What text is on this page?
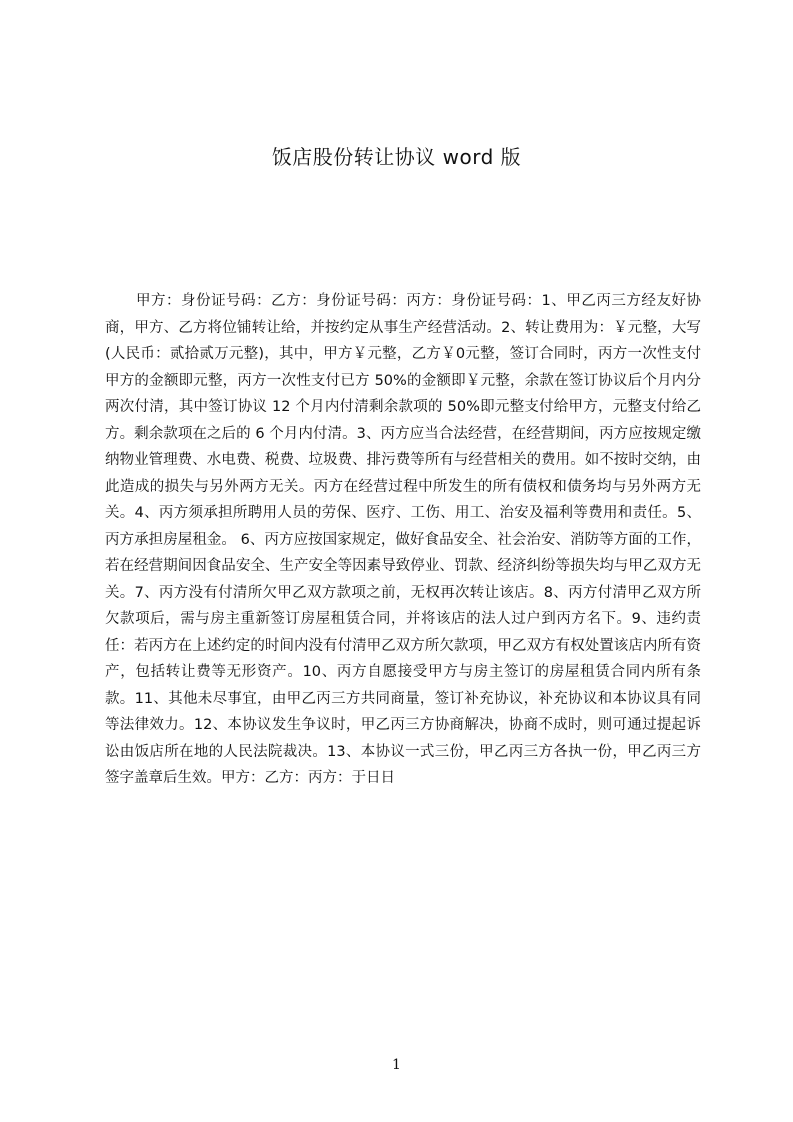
饭店股份转让协议 word 版

甲方：身份证号码：乙方：身份证号码：丙方：身份证号码：1、甲乙丙三方经友好协商，甲方、乙方将位铺转让给，并按约定从事生产经营活动。2、转让费用为：￥元整，大写(人民币：贰拾贰万元整)，其中，甲方￥元整，乙方￥0元整，签订合同时，丙方一次性支付甲方的金额即元整，丙方一次性支付已方 50%的金额即￥元整，余款在签订协议后个月内分两次付清，其中签订协议 12 个月内付清剩余款项的 50%即元整支付给甲方，元整支付给乙方。剩余款项在之后的 6 个月内付清。3、丙方应当合法经营，在经营期间，丙方应按规定缴纳物业管理费、水电费、税费、垃圾费、排污费等所有与经营相关的费用。如不按时交纳，由此造成的损失与另外两方无关。丙方在经营过程中所发生的所有债权和债务均与另外两方无关。4、丙方须承担所聘用人员的劳保、医疗、工伤、用工、治安及福利等费用和责任。5、丙方承担房屋租金。 6、丙方应按国家规定，做好食品安全、社会治安、消防等方面的工作，若在经营期间因食品安全、生产安全等因素导致停业、罚款、经济纠纷等损失均与甲乙双方无关。7、丙方没有付清所欠甲乙双方款项之前，无权再次转让该店。8、丙方付清甲乙双方所欠款项后，需与房主重新签订房屋租赁合同，并将该店的法人过户到丙方名下。9、违约责任：若丙方在上述约定的时间内没有付清甲乙双方所欠款项，甲乙双方有权处置该店内所有资产，包括转让费等无形资产。10、丙方自愿接受甲方与房主签订的房屋租赁合同内所有条款。11、其他未尽事宜，由甲乙丙三方共同商量，签订补充协议，补充协议和本协议具有同等法律效力。12、本协议发生争议时，甲乙丙三方协商解决，协商不成时，则可通过提起诉讼由饭店所在地的人民法院裁决。13、本协议一式三份，甲乙丙三方各执一份，甲乙丙三方签字盖章后生效。甲方：乙方：丙方：于日日

1
